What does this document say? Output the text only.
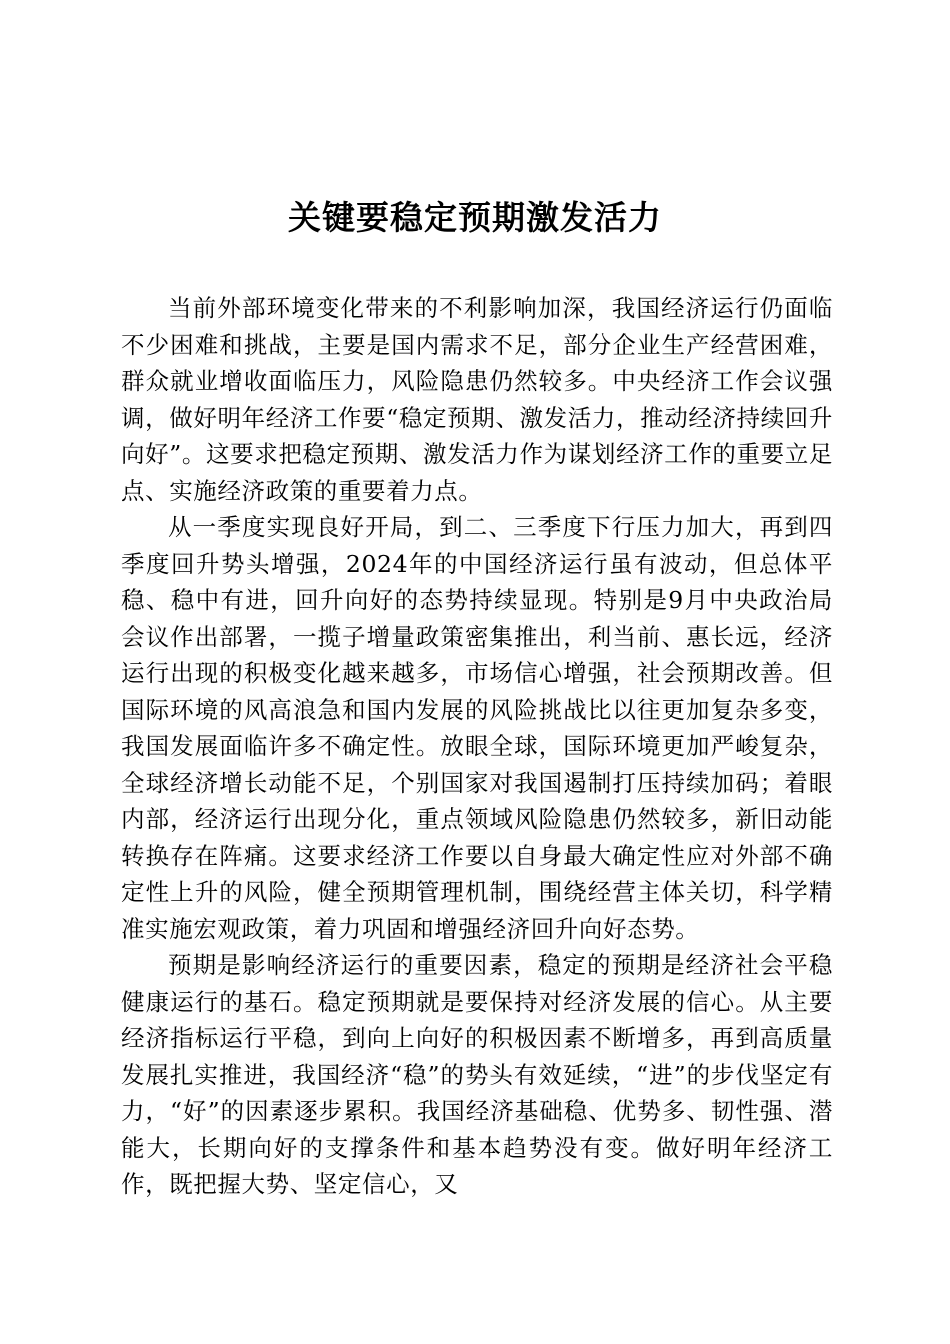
关键要稳定预期激发活力

当前外部环境变化带来的不利影响加深，我国经济运行仍面临不少困难和挑战，主要是国内需求不足，部分企业生产经营困难，群众就业增收面临压力，风险隐患仍然较多。中央经济工作会议强调，做好明年经济工作要“稳定预期、激发活力，推动经济持续回升向好”。这要求把稳定预期、激发活力作为谋划经济工作的重要立足点、实施经济政策的重要着力点。

从一季度实现良好开局，到二、三季度下行压力加大，再到四季度回升势头增强，2024年的中国经济运行虽有波动，但总体平稳、稳中有进，回升向好的态势持续显现。特别是9月中央政治局会议作出部署，一揽子增量政策密集推出，利当前、惠长远，经济运行出现的积极变化越来越多，市场信心增强，社会预期改善。但国际环境的风高浪急和国内发展的风险挑战比以往更加复杂多变，我国发展面临许多不确定性。放眼全球，国际环境更加严峻复杂，全球经济增长动能不足，个别国家对我国遏制打压持续加码；着眼内部，经济运行出现分化，重点领域风险隐患仍然较多，新旧动能转换存在阵痛。这要求经济工作要以自身最大确定性应对外部不确定性上升的风险，健全预期管理机制，围绕经营主体关切，科学精准实施宏观政策，着力巩固和增强经济回升向好态势。

预期是影响经济运行的重要因素，稳定的预期是经济社会平稳健康运行的基石。稳定预期就是要保持对经济发展的信心。从主要经济指标运行平稳，到向上向好的积极因素不断增多，再到高质量发展扎实推进，我国经济“稳”的势头有效延续，“进”的步伐坚定有力，“好”的因素逐步累积。我国经济基础稳、优势多、韧性强、潜能大，长期向好的支撑条件和基本趋势没有变。做好明年经济工作，既把握大势、坚定信心，又
